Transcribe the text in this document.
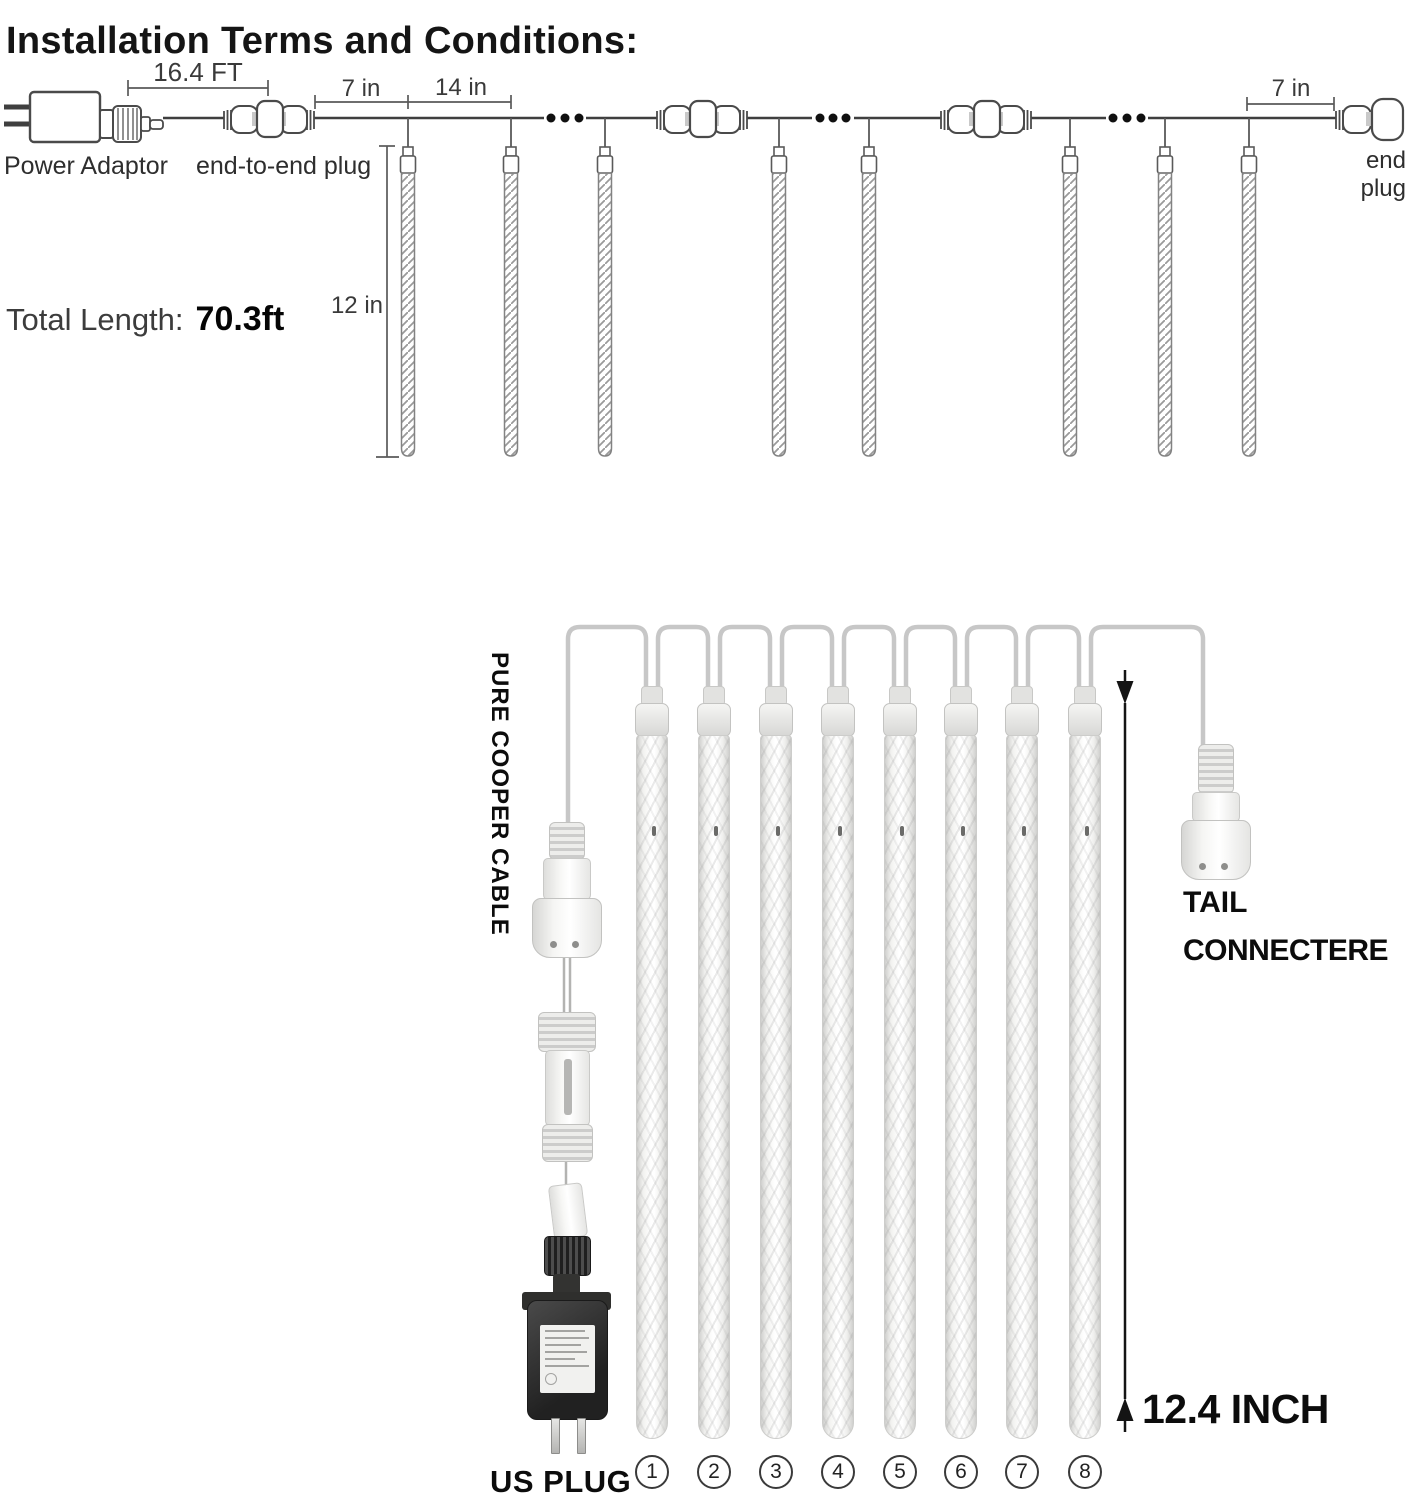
16.4 FT
7 in 14 in
12 in
7 in
Installation Terms and Conditions:
Power Adaptor end-to-end plug	end plug
Total Length: 70.3ft
PURE COOPER CABLE
US PLUG 1	2	3	4	5	6	7	8
TAIL
CONNECTERE
12.4 INCH
